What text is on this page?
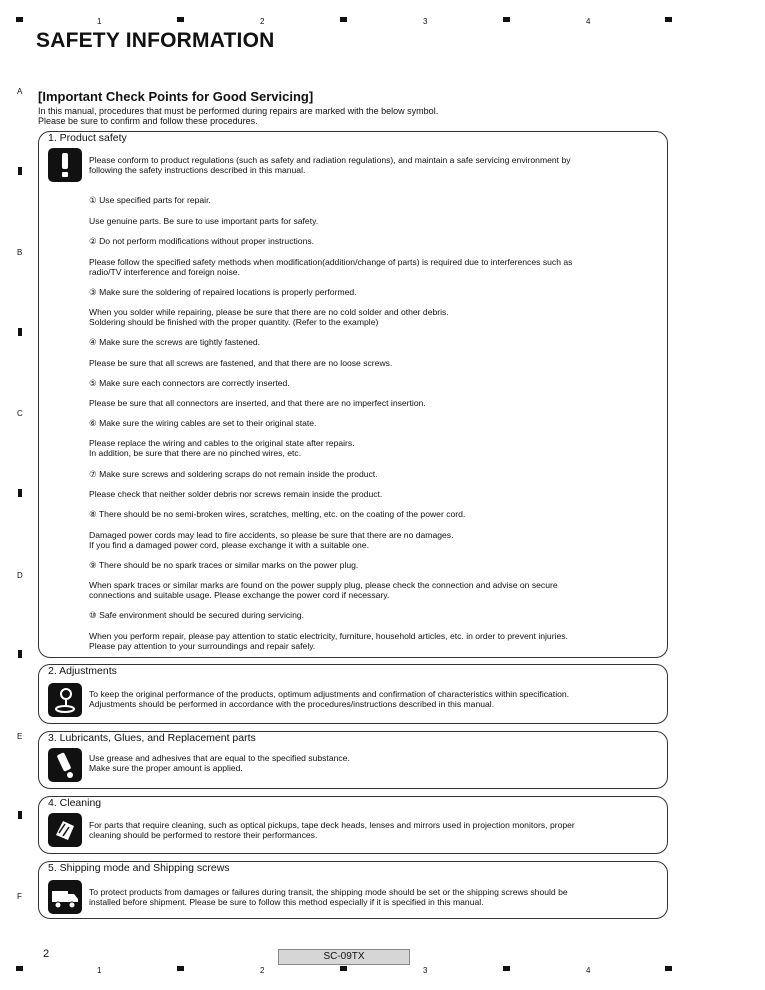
1	2	3	4
A
B
C
D
E
F
SAFETY INFORMATION
[Important Check Points for Good Servicing]
In this manual, procedures that must be performed during repairs are marked with the below symbol.
Please be sure to confirm and follow these procedures.
1. Product safety
Please conform to product regulations (such as safety and radiation regulations), and maintain a safe servicing environment by
following the safety instructions described in this manual.
① Use specified parts for repair.
Use genuine parts. Be sure to use important parts for safety.
② Do not perform modifications without proper instructions.
Please follow the specified safety methods when modification(addition/change of parts) is required due to interferences such as
radio/TV interference and foreign noise.
③ Make sure the soldering of repaired locations is properly performed.
When you solder while repairing, please be sure that there are no cold solder and other debris.
Soldering should be finished with the proper quantity. (Refer to the example)
④ Make sure the screws are tightly fastened.
Please be sure that all screws are fastened, and that there are no loose screws.
⑤ Make sure each connectors are correctly inserted.
Please be sure that all connectors are inserted, and that there are no imperfect insertion.
⑥ Make sure the wiring cables are set to their original state.
Please replace the wiring and cables to the original state after repairs.
In addition, be sure that there are no pinched wires, etc.
⑦ Make sure screws and soldering scraps do not remain inside the product.
Please check that neither solder debris nor screws remain inside the product.
⑧ There should be no semi-broken wires, scratches, melting, etc. on the coating of the power cord.
Damaged power cords may lead to fire accidents, so please be sure that there are no damages.
If you find a damaged power cord, please exchange it with a suitable one.
⑨ There should be no spark traces or similar marks on the power plug.
When spark traces or similar marks are found on the power supply plug, please check the connection and advise on secure
connections and suitable usage. Please exchange the power cord if necessary.
⑩ Safe environment should be secured during servicing.
When you perform repair, please pay attention to static electricity, furniture, household articles, etc. in order to prevent injuries.
Please pay attention to your surroundings and repair safely.
2. Adjustments
To keep the original performance of the products, optimum adjustments and confirmation of characteristics within specification.
Adjustments should be performed in accordance with the procedures/instructions described in this manual.
3. Lubricants, Glues, and Replacement parts
Use grease and adhesives that are equal to the specified substance.
Make sure the proper amount is applied.
4. Cleaning
For parts that require cleaning, such as optical pickups, tape deck heads, lenses and mirrors used in projection monitors, proper
cleaning should be performed to restore their performances.
5. Shipping mode and Shipping screws
To protect products from damages or failures during transit, the shipping mode should be set or the shipping screws should be
installed before shipment. Please be sure to follow this method especially if it is specified in this manual.
2	SC-09TX
1	2	3	4
